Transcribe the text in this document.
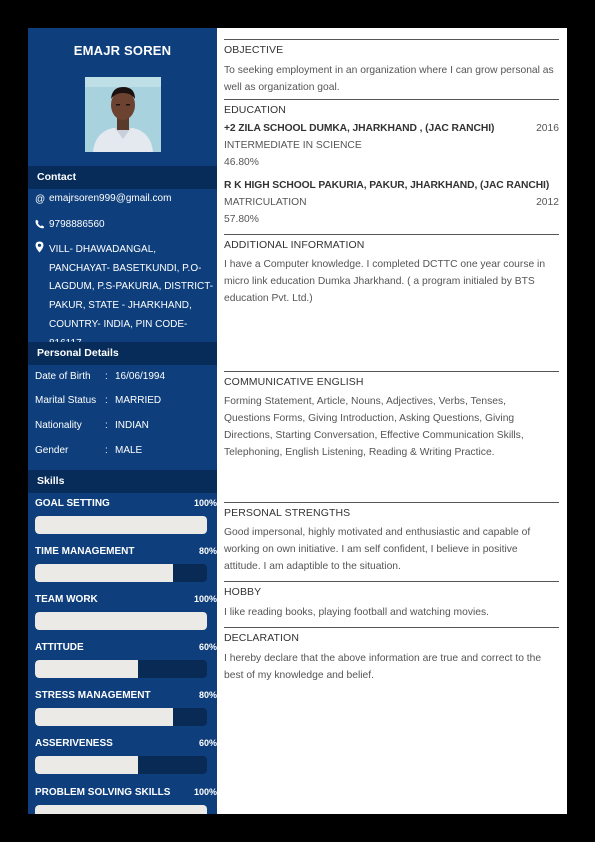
EMAJR SOREN
Contact
@ emajrsoren999@gmail.com
9798886560
VILL- DHAWADANGAL, PANCHAYAT- BASETKUNDI, P.O- LAGDUM, P.S-PAKURIA, DISTRICT- PAKUR, STATE - JHARKHAND, COUNTRY- INDIA, PIN CODE-
Personal Details
Date of Birth	: 16/06/1994
Marital Status : MARRIED
Nationality	: INDIAN
Gender	: MALE
Skills
GOAL SETTING	100%
TIME MANAGEMENT	80%
TEAM WORK	100%
ATTITUDE	60%
STRESS MANAGEMENT	80%
ASSERIVENESS	60%
PROBLEM SOLVING SKILLS	100%
OBJECTIVE
To seeking employment in an organization where I can grow personal as well as organization goal.
EDUCATION
+2 ZILA SCHOOL DUMKA, JHARKHAND , (JAC RANCHI)	2016
INTERMEDIATE IN SCIENCE
46.80%
R K HIGH SCHOOL PAKURIA, PAKUR, JHARKHAND, (JAC RANCHI)
MATRICULATION	2012
57.80%
ADDITIONAL INFORMATION
I have a Computer knowledge. I completed DCTTC one year course in micro link education Dumka Jharkhand. ( a program initialed by BTS education Pvt. Ltd.)
COMMUNICATIVE ENGLISH
Forming Statement, Article, Nouns, Adjectives, Verbs, Tenses, Questions Forms, Giving Introduction, Asking Questions, Giving Directions, Starting Conversation, Effective Communication Skills, Telephoning, English Listening, Reading & Writing Practice.
PERSONAL STRENGTHS
Good impersonal, highly motivated and enthusiastic and capable of working on own initiative. I am self confident, I believe in positive attitude. I am adaptible to the situation.
HOBBY
I like reading books, playing football and watching movies.
DECLARATION
I hereby declare that the above information are true and correct to the best of my knowledge and belief.
